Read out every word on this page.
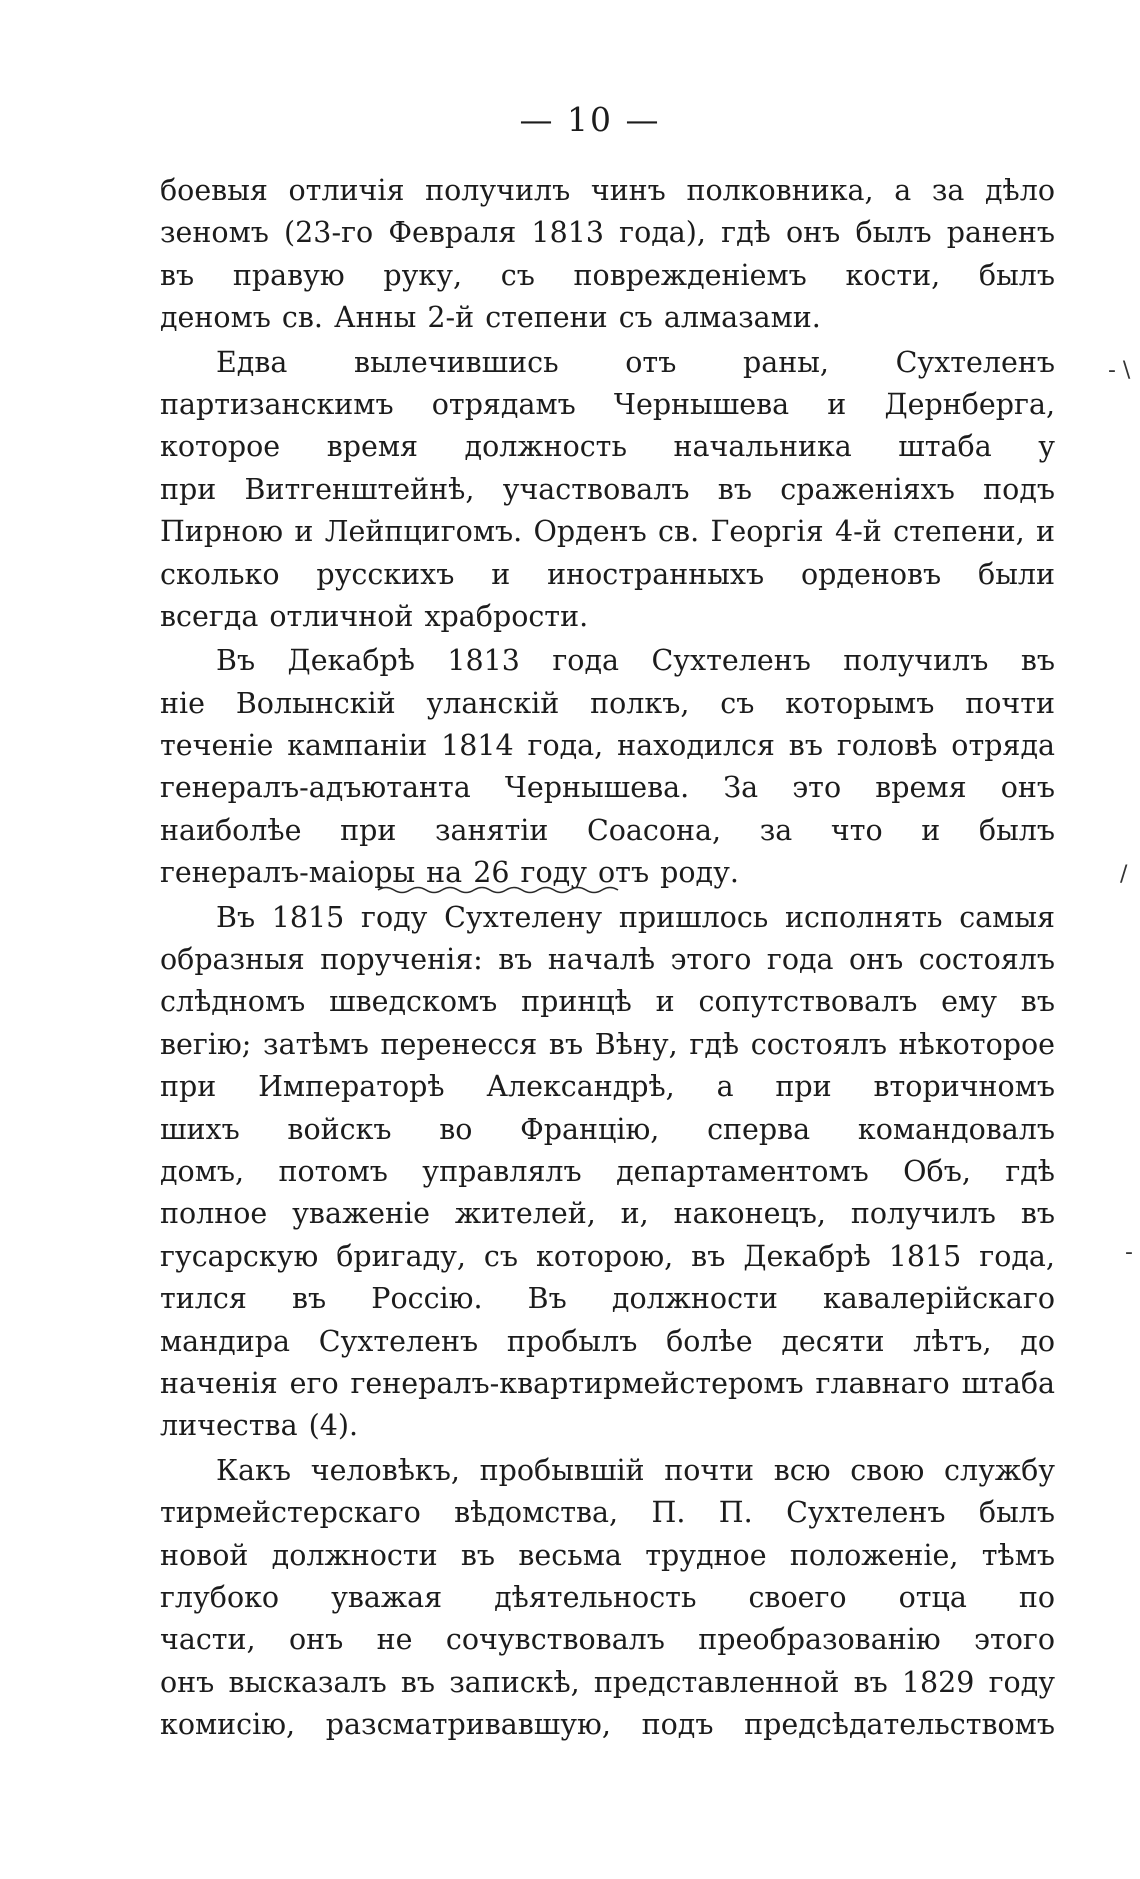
— 10 —
боевыя отличія получилъ чинъ полковника, а за дѣло
зеномъ (23-го Февраля 1813 года), гдѣ онъ былъ раненъ
въ правую руку, съ поврежденіемъ кости, былъ
деномъ св. Анны 2-й степени съ алмазами.
Едва вылечившись отъ раны, Сухтеленъ
партизанскимъ отрядамъ Чернышева и Дернберга,
которое время должность начальника штаба у
при Витгенштейнѣ, участвовалъ въ сраженіяхъ подъ
Пирною и Лейпцигомъ. Орденъ св. Георгія 4-й степени, и
сколько русскихъ и иностранныхъ орденовъ были
всегда отличной храбрости.
Въ Декабрѣ 1813 года Сухтеленъ получилъ въ
ніе Волынскій уланскій полкъ, съ которымъ почти
теченіе кампаніи 1814 года, находился въ головѣ отряда
генералъ-адъютанта Чернышева. За это время онъ
наиболѣе при занятіи Соасона, за что и былъ
генералъ-маіоры на 26 году отъ роду.
Въ 1815 году Сухтелену пришлось исполнять самыя
образныя порученія: въ началѣ этого года онъ состоялъ
слѣдномъ шведскомъ принцѣ и сопутствовалъ ему въ
вегію; затѣмъ перенесся въ Вѣну, гдѣ состоялъ нѣкоторое
при Императорѣ Александрѣ, а при вторичномъ
шихъ войскъ во Францію, сперва командовалъ
домъ, потомъ управлялъ департаментомъ Объ, гдѣ
полное уваженіе жителей, и, наконецъ, получилъ въ
гусарскую бригаду, съ которою, въ Декабрѣ 1815 года,
тился въ Россію. Въ должности кавалерійскаго
мандира Сухтеленъ пробылъ болѣе десяти лѣтъ, до
наченія его генералъ-квартирмейстеромъ главнаго штаба
личества (4).
Какъ человѣкъ, пробывшій почти всю свою службу
тирмейстерскаго вѣдомства, П. П. Сухтеленъ былъ
новой должности въ весьма трудное положеніе, тѣмъ
глубоко уважая дѣятельность своего отца по
части, онъ не сочувствовалъ преобразованію этого
онъ высказалъ въ запискѣ, представленной въ 1829 году
комисію, разсматривавшую, подъ предсѣдательствомъ
- \
/
-
